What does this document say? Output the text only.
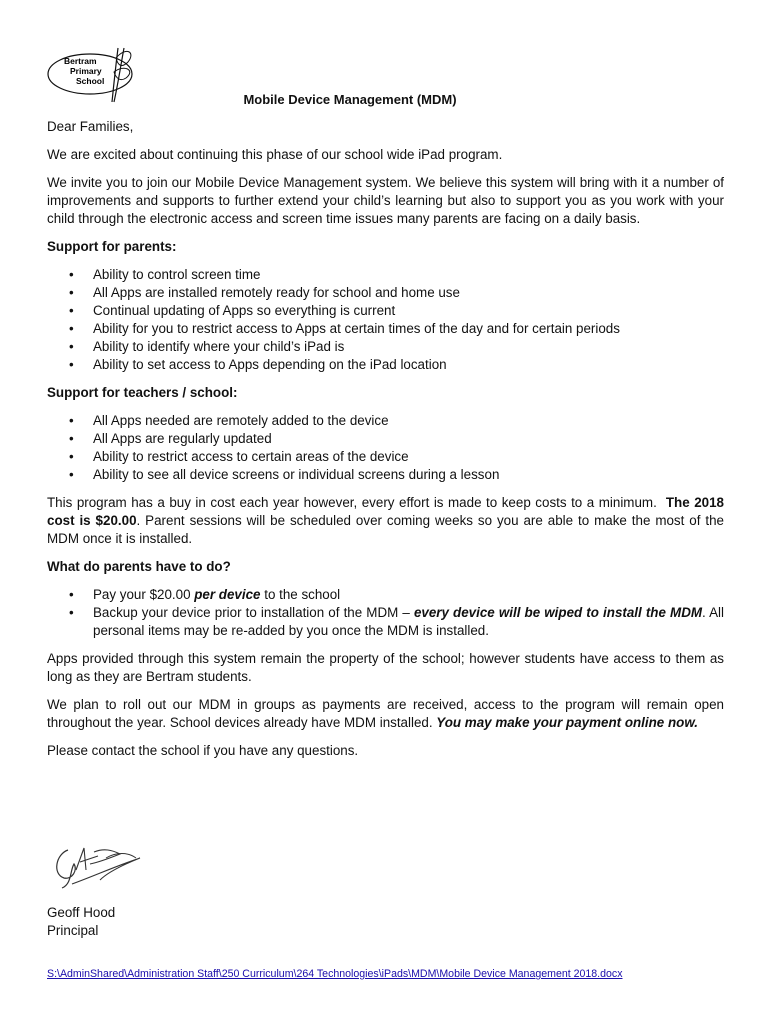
Bertram
Primary
School
Mobile Device Management (MDM)

Dear Families,

We are excited about continuing this phase of our school wide iPad program.

We invite you to join our Mobile Device Management system. We believe this system will bring with it a number of improvements and supports to further extend your child’s learning but also to support you as you work with your child through the electronic access and screen time issues many parents are facing on a daily basis.

Support for parents:
• Ability to control screen time
• All Apps are installed remotely ready for school and home use
• Continual updating of Apps so everything is current
• Ability for you to restrict access to Apps at certain times of the day and for certain periods
• Ability to identify where your child’s iPad is
• Ability to set access to Apps depending on the iPad location
Support for teachers / school:
• All Apps needed are remotely added to the device
• All Apps are regularly updated
• Ability to restrict access to certain areas of the device
• Ability to see all device screens or individual screens during a lesson

This program has a buy in cost each year however, every effort is made to keep costs to a minimum. The 2018 cost is $20.00. Parent sessions will be scheduled over coming weeks so you are able to make the most of the MDM once it is installed.

What do parents have to do?
• Pay your $20.00 per device to the school
• Backup your device prior to installation of the MDM – every device will be wiped to install the MDM. All personal items may be re-added by you once the MDM is installed.

Apps provided through this system remain the property of the school; however students have access to them as long as they are Bertram students.

We plan to roll out our MDM in groups as payments are received, access to the program will remain open throughout the year. School devices already have MDM installed. You may make your payment online now.

Please contact the school if you have any questions.

Geoff Hood
Principal
S:\AdminShared\Administration Staff\250 Curriculum\264 Technologies\iPads\MDM\Mobile Device Management 2018.docx
